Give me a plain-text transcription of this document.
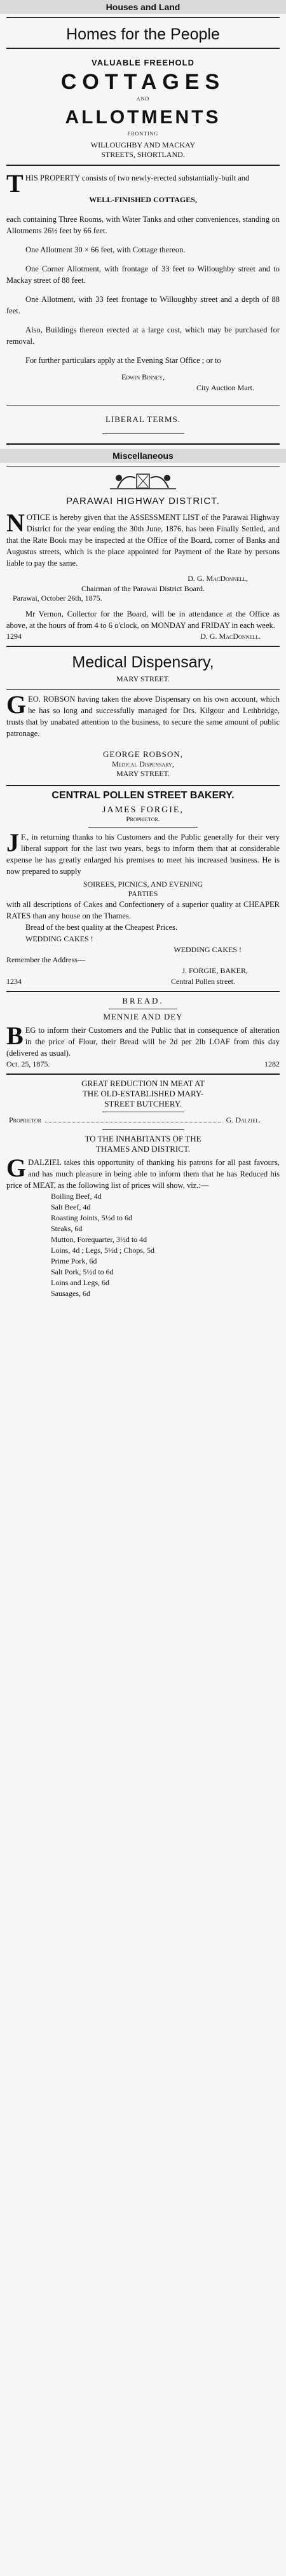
Houses and Land
Homes for the People
VALUABLE FREEHOLD
COTTAGES
AND
ALLOTMENTS
FRONTING
WILLOUGHBY AND MACKAY
STREETS, SHORTLAND.

T HIS PROPERTY consists of two newly-erected substantially-built and

WELL-FINISHED COTTAGES,

each containing Three Rooms, with Water Tanks and other conveniences, standing on Allotments 26½ feet by 66 feet.

One Allotment 30 × 66 feet, with Cottage thereon.

One Corner Allotment, with frontage of 33 feet to Willoughby street and to Mackay street of 88 feet.

One Allotment, with 33 feet frontage to Willoughby street and a depth of 88 feet.

Also, Buildings thereon erected at a large cost, which may be purchased for removal.

For further particulars apply at the Evening Star Office ; or to

Edwin Binney,
City Auction Mart.
LIBERAL TERMS.
Miscellaneous
PARAWAI HIGHWAY DISTRICT.

N OTICE is hereby given that the ASSESSMENT LIST of the Parawai Highway District for the year ending the 30th June, 1876, has been Finally Settled, and that the Rate Book may be inspected at the Office of the Board, corner of Banks and Augustus streets, which is the place appointed for Payment of the Rate by persons liable to pay the same.

D. G. MacDonnell,
Chairman of the Parawai District Board.
Parawai, October 26th, 1875.

Mr Vernon, Collector for the Board, will be in attendance at the Office as above, at the hours of from 4 to 6 o'clock, on MONDAY and FRIDAY in each week.

1294	D. G. MacDonnell.
Medical Dispensary,
MARY STREET.

G EO. ROBSON having taken the above Dispensary on his own account, which he has so long and successfully managed for Drs. Kilgour and Lethbridge, trusts that by unabated attention to the business, to secure the same amount of public patronage.

GEORGE ROBSON,
Medical Dispensary,
MARY STREET.
CENTRAL POLLEN STREET BAKERY.
JAMES FORGIE,
Proprietor.

J F., in returning thanks to his Customers and the Public generally for their very liberal support for the last two years, begs to inform them that at considerable expense he has greatly enlarged his premises to meet his increased business. He is now prepared to supply

SOIREES, PICNICS, AND EVENING
PARTIES

with all descriptions of Cakes and Confectionery of a superior quality at CHEAPER RATES than any house on the Thames.

Bread of the best quality at the Cheapest Prices.

WEDDING CAKES !
WEDDING CAKES !
Remember the Address—
J. FORGIE, BAKER,
1234	Central Pollen street.
BREAD.
MENNIE AND DEY

B EG to inform their Customers and the Public that in consequence of alteration in the price of Flour, their Bread will be 2d per 2lb LOAF from this day (delivered as usual).

Oct. 25, 1875.	1282
GREAT REDUCTION IN MEAT AT
THE OLD-ESTABLISHED MARY-
STREET BUTCHERY.
Proprietor	G. Dalziel.
TO THE INHABITANTS OF THE
THAMES AND DISTRICT.

G DALZIEL takes this opportunity of thanking his patrons for all past favours, and has much pleasure in being able to inform them that he has Reduced his price of MEAT, as the following list of prices will show, viz.:—

Boiling Beef, 4d
Salt Beef, 4d
Roasting Joints, 5½d to 6d
Steaks, 6d
Mutton, Forequarter, 3½d to 4d
Loins, 4d ; Legs, 5½d ; Chops, 5d
Prime Pork, 6d
Salt Pork, 5½d to 6d
Loins and Legs, 6d
Sausages, 6d
